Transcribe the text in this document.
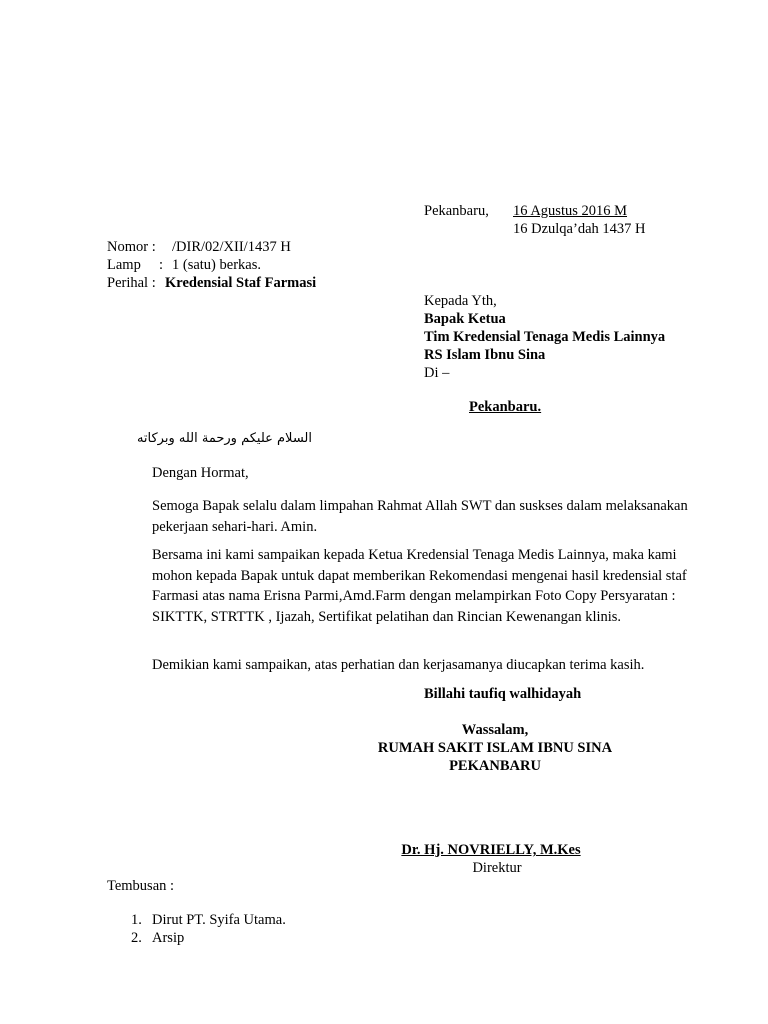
Pekanbaru, 16 Agustus 2016 M
16 Dzulqa’dah 1437 H
Nomor : /DIR/02/XII/1437 H
Lamp : 1 (satu) berkas.
Perihal : Kredensial Staf Farmasi
Kepada Yth,
Bapak Ketua
Tim Kredensial Tenaga Medis Lainnya
RS Islam Ibnu Sina
Di –
Pekanbaru.
السلام عليكم ورحمة الله وبركاته
Dengan Hormat,
Semoga Bapak selalu dalam limpahan Rahmat Allah SWT dan suskses dalam melaksanakan pekerjaan sehari-hari. Amin.
Bersama ini kami sampaikan kepada Ketua Kredensial Tenaga Medis Lainnya, maka kami mohon kepada Bapak untuk dapat memberikan Rekomendasi mengenai hasil kredensial staf Farmasi atas nama Erisna Parmi,Amd.Farm dengan melampirkan Foto Copy Persyaratan : SIKTTK, STRTTK , Ijazah, Sertifikat pelatihan dan Rincian Kewenangan klinis.
Demikian kami sampaikan, atas perhatian dan kerjasamanya diucapkan terima kasih.
Billahi taufiq walhidayah
Wassalam,
RUMAH SAKIT ISLAM IBNU SINA
PEKANBARU
Dr. Hj. NOVRIELLY, M.Kes
Direktur
Tembusan :
1. Dirut PT. Syifa Utama.
2. Arsip
